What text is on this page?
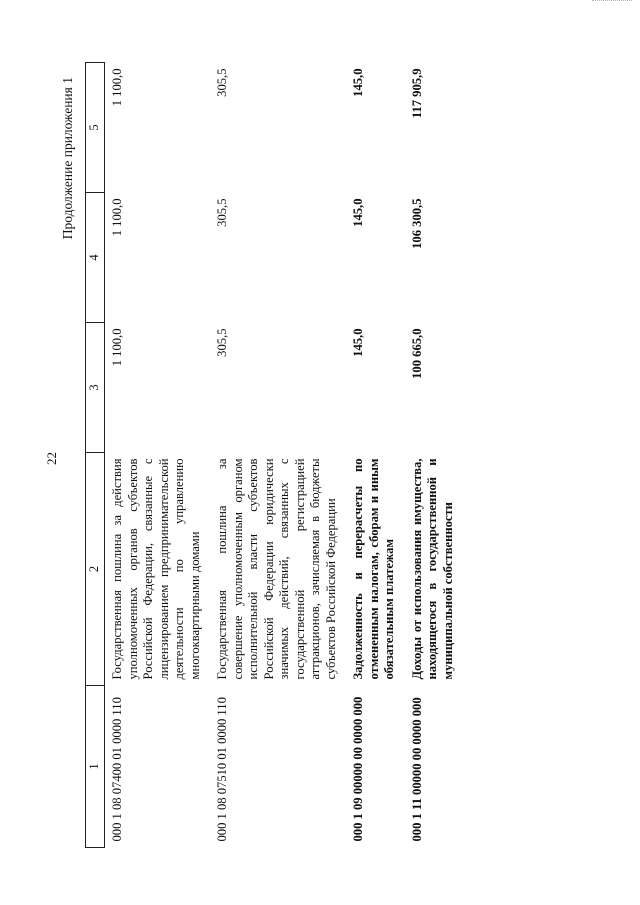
22
Продолжение приложения 1
1	2	3	4	5
000 1 08 07400 01 0000 110	Государственная пошлина за действия уполномоченных органов субъектов Российской Федерации, связанные с лицензированием предпринимательской деятельности по управлению многоквартирными домами	1 100,0	1 100,0	1 100,0
000 1 08 07510 01 0000 110	Государственная пошлина за совершение уполномоченным органом исполнительной власти субъектов Российской Федерации юридически значимых действий, связанных с государственной регистрацией аттракционов, зачисляемая в бюджеты субъектов Российской Федерации	305,5	305,5	305,5
000 1 09 00000 00 0000 000	Задолженность и перерасчеты по отмененным налогам, сборам и иным обязательным платежам	145,0	145,0	145,0
000 1 11 00000 00 0000 000	Доходы от использования имущества, находящегося в государственной и муниципальной собственности	100 665,0	106 300,5	117 905,9
